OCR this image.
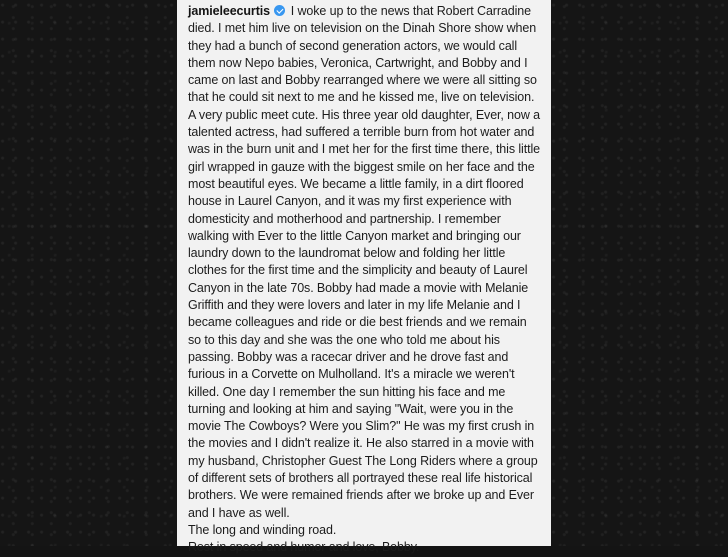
jamieleecurtis I woke up to the news that Robert Carradine died. I met him live on television on the Dinah Shore show when they had a bunch of second generation actors, we would call them now Nepo babies, Veronica, Cartwright, and Bobby and I came on last and Bobby rearranged where we were all sitting so that he could sit next to me and he kissed me, live on television. A very public meet cute. His three year old daughter, Ever, now a talented actress, had suffered a terrible burn from hot water and was in the burn unit and I met her for the first time there, this little girl wrapped in gauze with the biggest smile on her face and the most beautiful eyes. We became a little family, in a dirt floored house in Laurel Canyon, and it was my first experience with domesticity and motherhood and partnership. I remember walking with Ever to the little Canyon market and bringing our laundry down to the laundromat below and folding her little clothes for the first time and the simplicity and beauty of Laurel Canyon in the late 70s. Bobby had made a movie with Melanie Griffith and they were lovers and later in my life Melanie and I became colleagues and ride or die best friends and we remain so to this day and she was the one who told me about his passing. Bobby was a racecar driver and he drove fast and furious in a Corvette on Mulholland. It's a miracle we weren't killed. One day I remember the sun hitting his face and me turning and looking at him and saying "Wait, were you in the movie The Cowboys? Were you Slim?" He was my first crush in the movies and I didn't realize it. He also starred in a movie with my husband, Christopher Guest The Long Riders where a group of different sets of brothers all portrayed these real life historical brothers. We were remained friends after we broke up and Ever and I have as well.
The long and winding road.
Rest in speed and humor and love, Bobby.
